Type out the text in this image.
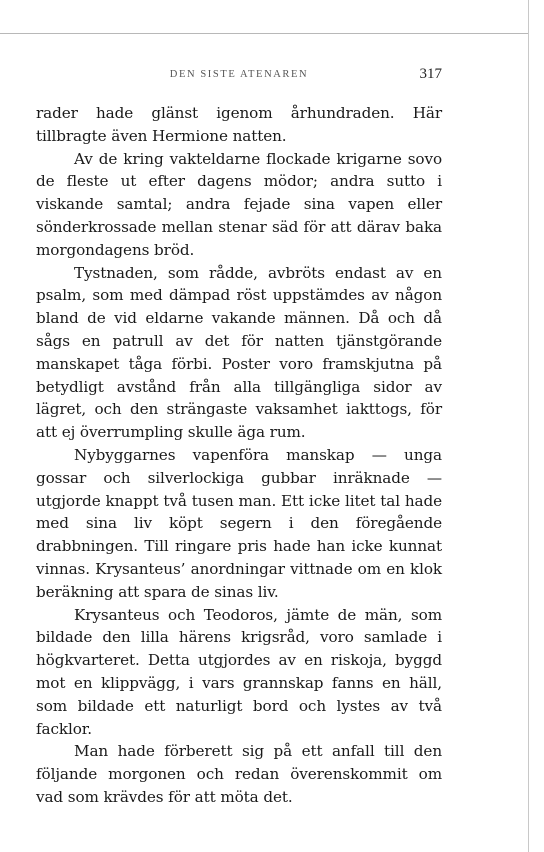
DEN SISTE ATENAREN	317

rader hade glänst igenom århundraden. Här tillbragte även Hermione natten.

Av de kring vakteldarne flockade krigarne sovo de fleste ut efter dagens mödor; andra sutto i viskande samtal; andra fejade sina vapen eller sönderkrossade mellan stenar säd för att därav baka morgondagens bröd.

Tystnaden, som rådde, avbröts endast av en psalm, som med dämpad röst uppstämdes av någon bland de vid eldarne vakande männen. Då och då sågs en patrull av det för natten tjänstgörande manskapet tåga förbi. Poster voro framskjutna på betydligt avstånd från alla tillgängliga sidor av lägret, och den strängaste vaksamhet iakttogs, för att ej överrumpling skulle äga rum.

Nybyggarnes vapenföra manskap — unga gossar och silverlockiga gubbar inräknade — utgjorde knappt två tusen man. Ett icke litet tal hade med sina liv köpt segern i den föregående drabbningen. Till ringare pris hade han icke kunnat vinnas. Krysanteus’ anordningar vittnade om en klok beräkning att spara de sinas liv.

Krysanteus och Teodoros, jämte de män, som bildade den lilla härens krigsråd, voro samlade i högkvarteret. Detta utgjordes av en riskoja, byggd mot en klippvägg, i vars grannskap fanns en häll, som bildade ett naturligt bord och lystes av två facklor.

Man hade förberett sig på ett anfall till den följande morgonen och redan överenskommit om vad som krävdes för att möta det.
